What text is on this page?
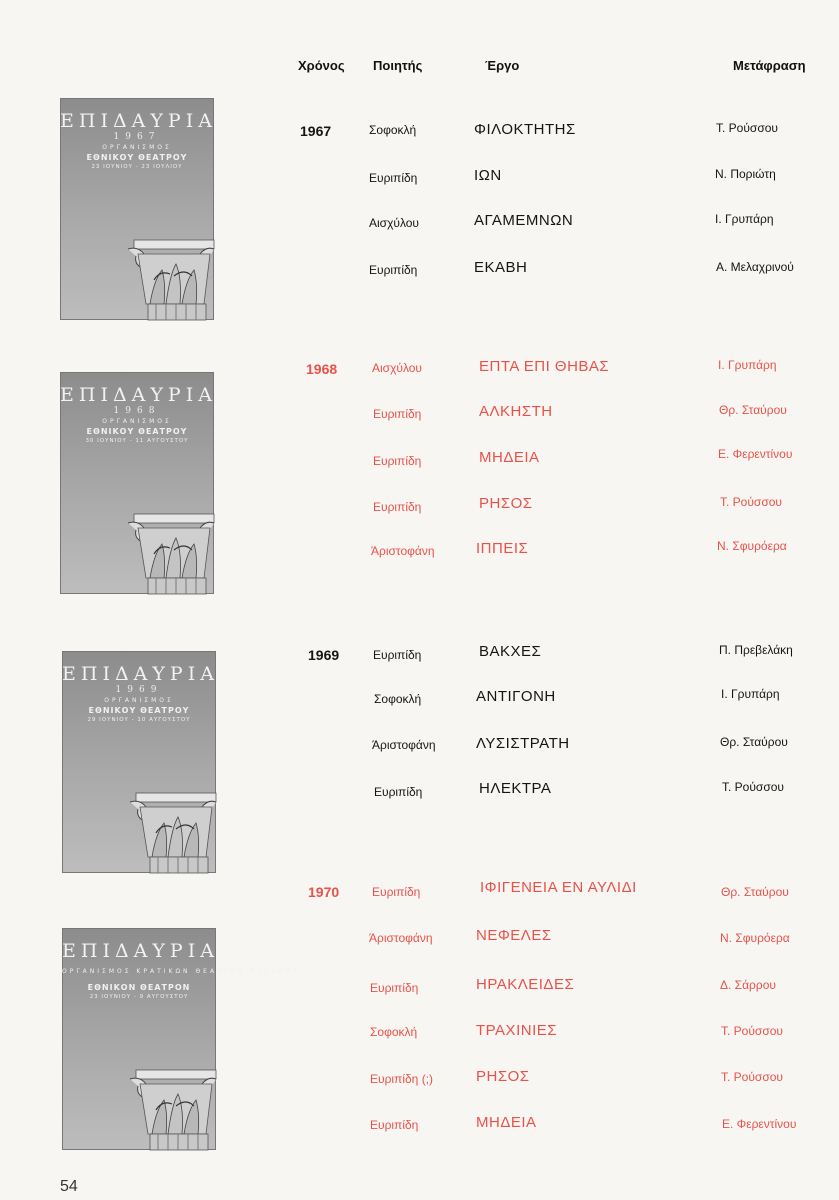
Χρόνος Ποιητής	Έργο	Μετάφραση
ΕΠΙΔΑΥΡΙΑ
1967
ΟΡΓΑΝΙΣΜΟΣ
ΕΘΝΙΚΟΥ ΘΕΑΤΡΟΥ
23 ΙΟΥΝΙΟΥ - 23 ΙΟΥΛΙΟΥ
ΕΠΙΔΑΥΡΙΑ
1968
ΟΡΓΑΝΙΣΜΟΣ
ΕΘΝΙΚΟΥ ΘΕΑΤΡΟΥ
30 ΙΟΥΝΙΟΥ - 11 ΑΥΓΟΥΣΤΟΥ
ΕΠΙΔΑΥΡΙΑ
1969
ΟΡΓΑΝΙΣΜΟΣ
ΕΘΝΙΚΟΥ ΘΕΑΤΡΟΥ
29 ΙΟΥΝΙΟΥ - 10 ΑΥΓΟΥΣΤΟΥ
ΕΠΙΔΑΥΡΙΑ
ΟΡΓΑΝΙΣΜΟΣ ΚΡΑΤΙΚΩΝ ΘΕΑΤΡΩΝ ΕΛΛΑΔΟΣ
ΕΘΝΙΚΟΝ ΘΕΑΤΡΟΝ
23 ΙΟΥΝΙΟΥ - 9 ΑΥΓΟΥΣΤΟΥ
1967	Σοφοκλή	ΦΙΛΟΚΤΗΤΗΣ	Τ. Ρούσσου
Ευριπίδη	ΙΩΝ	Ν. Ποριώτη
Αισχύλου	ΑΓΑΜΕΜΝΩΝ	Ι. Γρυπάρη
Ευριπίδη	ΕΚΑΒΗ	Α. Μελαχρινού
1968	Αισχύλου	ΕΠΤΑ ΕΠΙ ΘΗΒΑΣ	Ι. Γρυπάρη
Ευριπίδη	ΑΛΚΗΣΤΗ	Θρ. Σταύρου
Ευριπίδη	ΜΗΔΕΙΑ	Ε. Φερεντίνου
Ευριπίδη	ΡΗΣΟΣ	Τ. Ρούσσου
Άριστοφάνη	ΙΠΠΕΙΣ	Ν. Σφυρόερα
1969	Ευριπίδη	ΒΑΚΧΕΣ	Π. Πρεβελάκη
Σοφοκλή	ΑΝΤΙΓΟΝΗ	Ι. Γρυπάρη
Άριστοφάνη	ΛΥΣΙΣΤΡΑΤΗ	Θρ. Σταύρου
Ευριπίδη	ΗΛΕΚΤΡΑ	Τ. Ρούσσου
1970	Ευριπίδη	ΙΦΙΓΕΝΕΙΑ ΕΝ ΑΥΛΙΔΙ	Θρ. Σταύρου
Άριστοφάνη	ΝΕΦΕΛΕΣ	Ν. Σφυρόερα
Ευριπίδη	ΗΡΑΚΛΕΙΔΕΣ	Δ. Σάρρου
Σοφοκλή	ΤΡΑΧΙΝΙΕΣ	Τ. Ρούσσου
Ευριπίδη (;)	ΡΗΣΟΣ	Τ. Ρούσσου
Ευριπίδη	ΜΗΔΕΙΑ	Ε. Φερεντίνου
54
